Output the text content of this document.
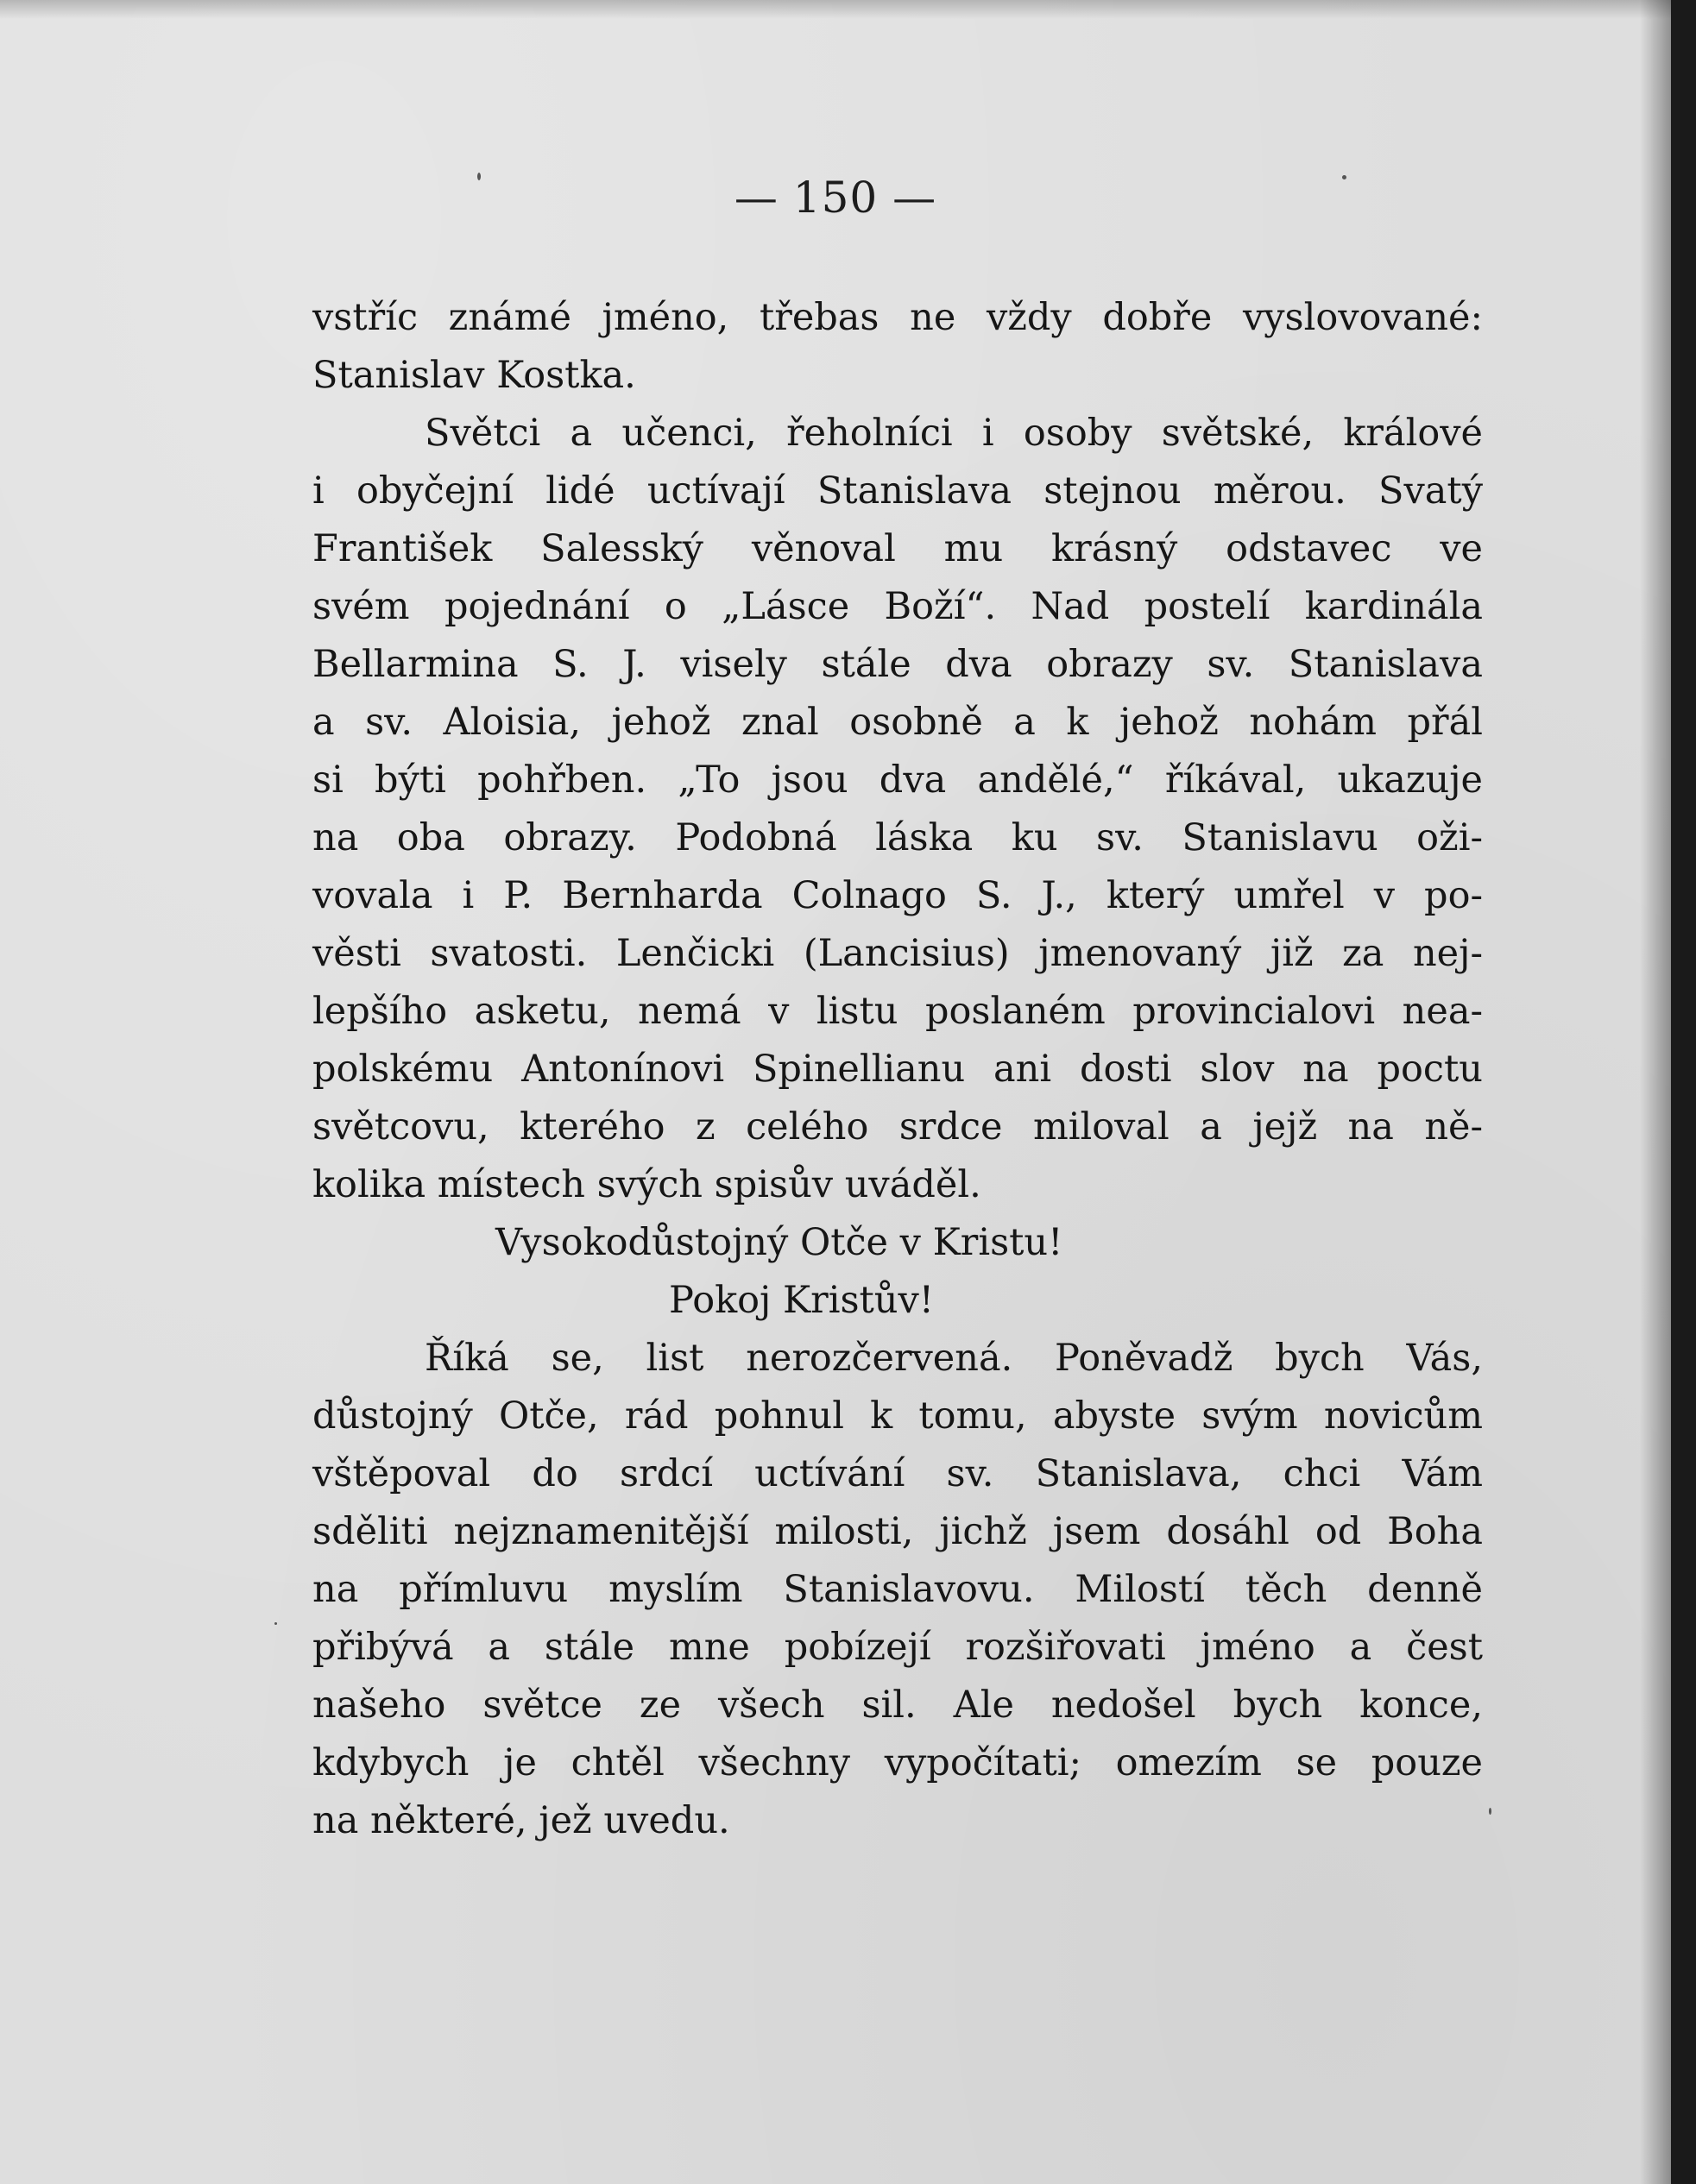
— 150 —
vstříc známé jméno, třebas ne vždy dobře vyslovované:
Stanislav Kostka.
Světci a učenci, řeholníci i osoby světské, králové
i obyčejní lidé uctívají Stanislava stejnou měrou. Svatý
František Salesský věnoval mu krásný odstavec ve
svém pojednání o „Lásce Boží“. Nad postelí kardinála
Bellarmina S. J. visely stále dva obrazy sv. Stanislava
a sv. Aloisia, jehož znal osobně a k jehož nohám přál
si býti pohřben. „To jsou dva andělé,“ říkával, ukazuje
na oba obrazy. Podobná láska ku sv. Stanislavu oži-
vovala i P. Bernharda Colnago S. J., který umřel v po-
věsti svatosti. Lenčicki (Lancisius) jmenovaný již za nej-
lepšího asketu, nemá v listu poslaném provincialovi nea-
polskému Antonínovi Spinellianu ani dosti slov na poctu
světcovu, kterého z celého srdce miloval a jejž na ně-
kolika místech svých spisův uváděl.
Vysokodůstojný Otče v Kristu!
Pokoj Kristův!
Říká se, list nerozčervená. Poněvadž bych Vás,
důstojný Otče, rád pohnul k tomu, abyste svým novicům
vštěpoval do srdcí uctívání sv. Stanislava, chci Vám
sděliti nejznamenitější milosti, jichž jsem dosáhl od Boha
na přímluvu myslím Stanislavovu. Milostí těch denně
přibývá a stále mne pobízejí rozšiřovati jméno a čest
našeho světce ze všech sil. Ale nedošel bych konce,
kdybych je chtěl všechny vypočítati; omezím se pouze
na některé, jež uvedu.
